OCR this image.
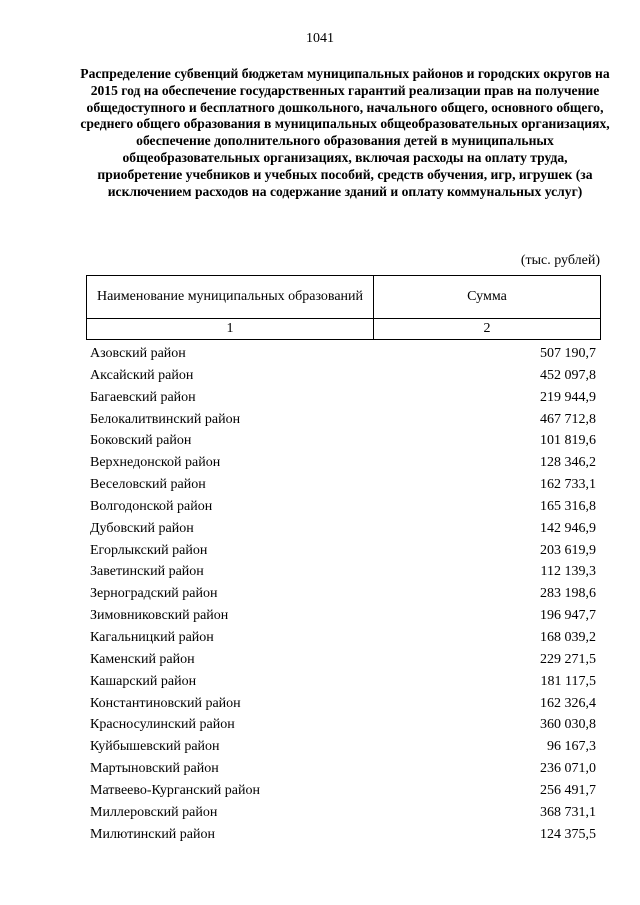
1041
Распределение субвенций бюджетам муниципальных районов и городских округов на 2015 год на обеспечение государственных гарантий реализации прав на получение общедоступного и бесплатного дошкольного, начального общего, основного общего, среднего общего образования в муниципальных общеобразовательных организациях, обеспечение дополнительного образования детей в муниципальных общеобразовательных организациях, включая расходы на оплату труда, приобретение учебников и учебных пособий, средств обучения, игр, игрушек (за исключением расходов на содержание зданий и оплату коммунальных услуг)
(тыс. рублей)
Наименование муниципальных образований	Сумма
1	2
Азовский район	507 190,7
Аксайский район	452 097,8
Багаевский район	219 944,9
Белокалитвинский район	467 712,8
Боковский район	101 819,6
Верхнедонской район	128 346,2
Веселовский район	162 733,1
Волгодонской район	165 316,8
Дубовский район	142 946,9
Егорлыкский район	203 619,9
Заветинский район	112 139,3
Зерноградский район	283 198,6
Зимовниковский район	196 947,7
Кагальницкий район	168 039,2
Каменский район	229 271,5
Кашарский район	181 117,5
Константиновский район	162 326,4
Красносулинский район	360 030,8
Куйбышевский район	96 167,3
Мартыновский район	236 071,0
Матвеево-Курганский район	256 491,7
Миллеровский район	368 731,1
Милютинский район	124 375,5
